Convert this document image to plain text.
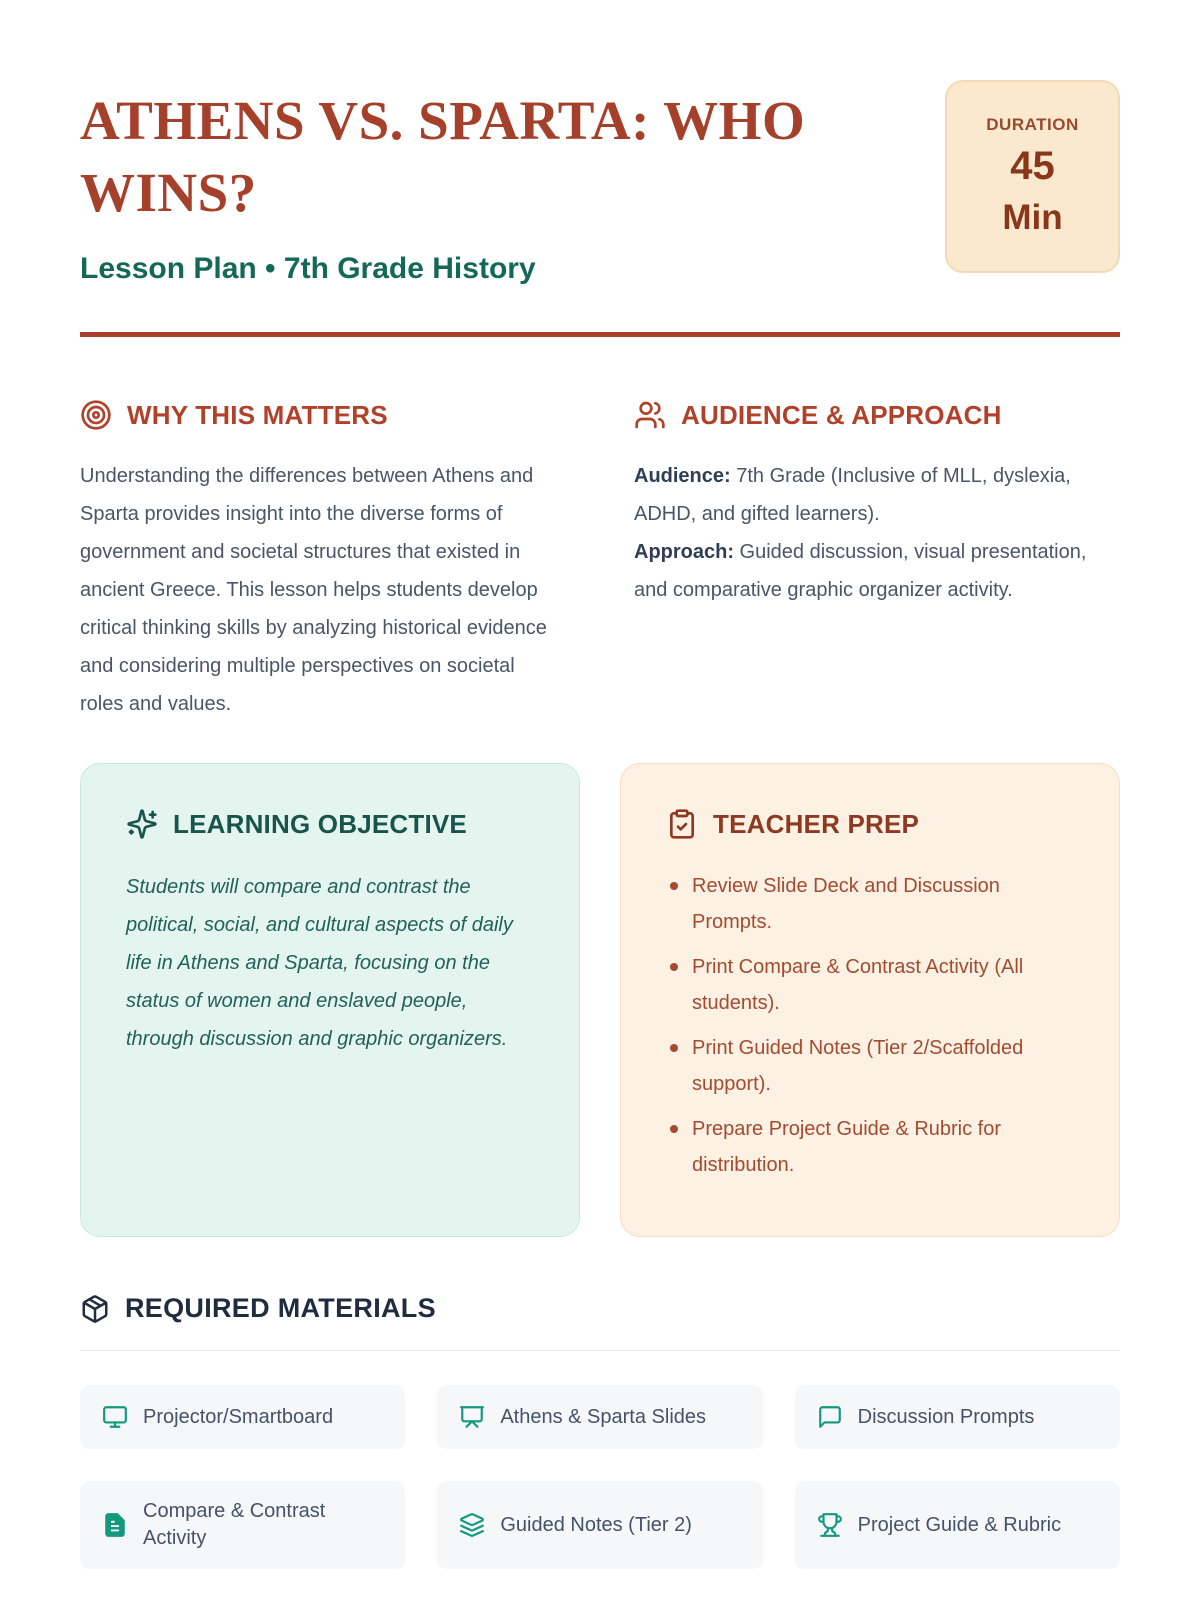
ATHENS VS. SPARTA: WHO WINS?
Lesson Plan • 7th Grade History
DURATION
45
Min
WHY THIS MATTERS

Understanding the differences between Athens and Sparta provides insight into the diverse forms of government and societal structures that existed in ancient Greece. This lesson helps students develop critical thinking skills by analyzing historical evidence and considering multiple perspectives on societal roles and values.

AUDIENCE & APPROACH

Audience: 7th Grade (Inclusive of MLL, dyslexia, ADHD, and gifted learners).

Approach: Guided discussion, visual presentation, and comparative graphic organizer activity.

LEARNING OBJECTIVE

Students will compare and contrast the political, social, and cultural aspects of daily life in Athens and Sparta, focusing on the status of women and enslaved people, through discussion and graphic organizers.

TEACHER PREP
Review Slide Deck and Discussion Prompts.
Print Compare & Contrast Activity (All students).
Print Guided Notes (Tier 2/Scaffolded support).
Prepare Project Guide & Rubric for distribution.
REQUIRED MATERIALS
Projector/Smartboard	Athens & Sparta Slides	Discussion Prompts
Compare & Contrast Activity
Guided Notes (Tier 2)	Project Guide & Rubric
